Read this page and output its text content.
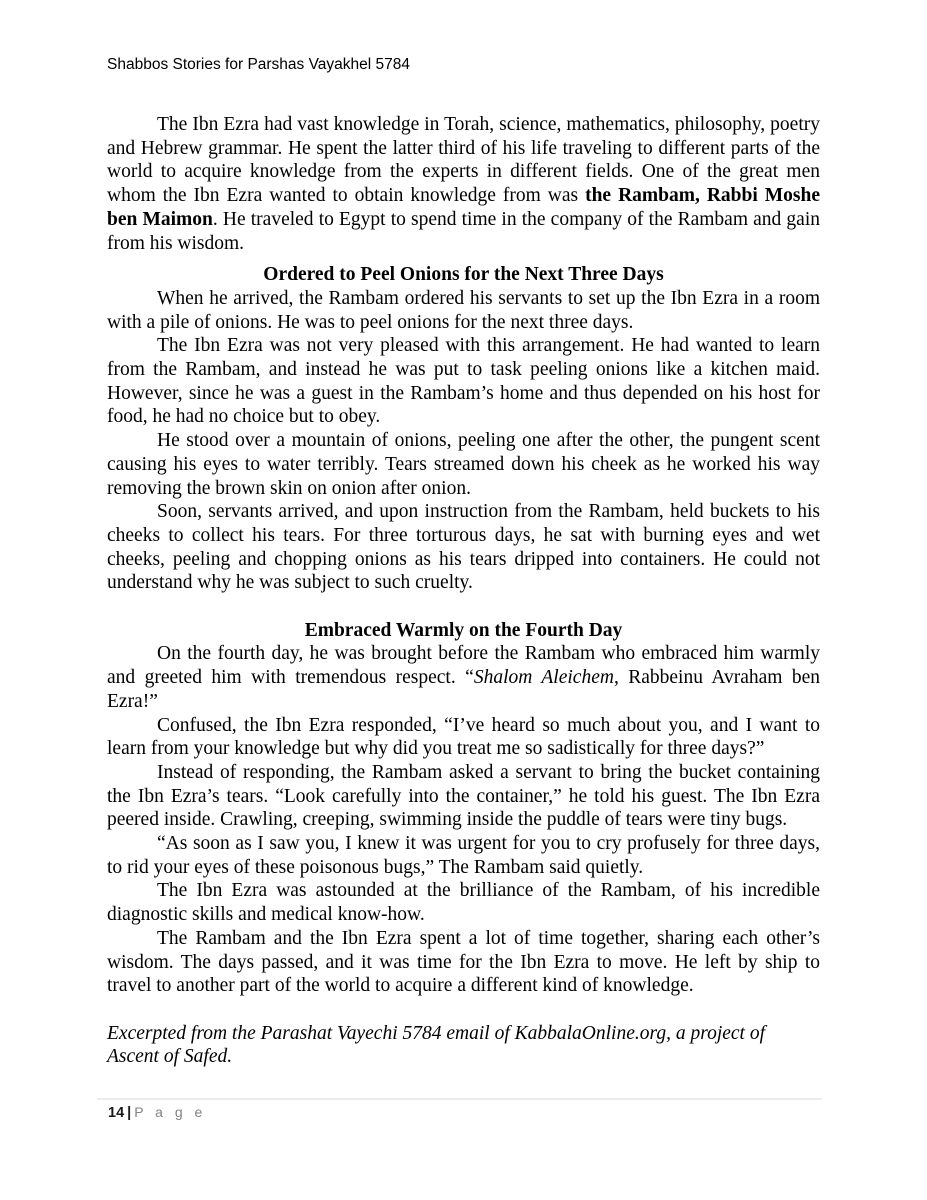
Shabbos Stories for Parshas Vayakhel 5784

The Ibn Ezra had vast knowledge in Torah, science, mathematics, philosophy, poetry and Hebrew grammar. He spent the latter third of his life traveling to different parts of the world to acquire knowledge from the experts in different fields. One of the great men whom the Ibn Ezra wanted to obtain knowledge from was the Rambam, Rabbi Moshe ben Maimon. He traveled to Egypt to spend time in the company of the Rambam and gain from his wisdom.

Ordered to Peel Onions for the Next Three Days

When he arrived, the Rambam ordered his servants to set up the Ibn Ezra in a room with a pile of onions. He was to peel onions for the next three days.

The Ibn Ezra was not very pleased with this arrangement. He had wanted to learn from the Rambam, and instead he was put to task peeling onions like a kitchen maid. However, since he was a guest in the Rambam’s home and thus depended on his host for food, he had no choice but to obey.

He stood over a mountain of onions, peeling one after the other, the pungent scent causing his eyes to water terribly. Tears streamed down his cheek as he worked his way removing the brown skin on onion after onion.

Soon, servants arrived, and upon instruction from the Rambam, held buckets to his cheeks to collect his tears. For three torturous days, he sat with burning eyes and wet cheeks, peeling and chopping onions as his tears dripped into containers. He could not understand why he was subject to such cruelty.

Embraced Warmly on the Fourth Day

On the fourth day, he was brought before the Rambam who embraced him warmly and greeted him with tremendous respect. “Shalom Aleichem, Rabbeinu Avraham ben Ezra!”

Confused, the Ibn Ezra responded, “I’ve heard so much about you, and I want to learn from your knowledge but why did you treat me so sadistically for three days?”

Instead of responding, the Rambam asked a servant to bring the bucket containing the Ibn Ezra’s tears. “Look carefully into the container,” he told his guest. The Ibn Ezra peered inside. Crawling, creeping, swimming inside the puddle of tears were tiny bugs.

“As soon as I saw you, I knew it was urgent for you to cry profusely for three days, to rid your eyes of these poisonous bugs,” The Rambam said quietly.

The Ibn Ezra was astounded at the brilliance of the Rambam, of his incredible diagnostic skills and medical know-how.

The Rambam and the Ibn Ezra spent a lot of time together, sharing each other’s wisdom. The days passed, and it was time for the Ibn Ezra to move. He left by ship to travel to another part of the world to acquire a different kind of knowledge.

Excerpted from the Parashat Vayechi 5784 email of KabbalaOnline.org, a project of Ascent of Safed.

14 | P a g e
